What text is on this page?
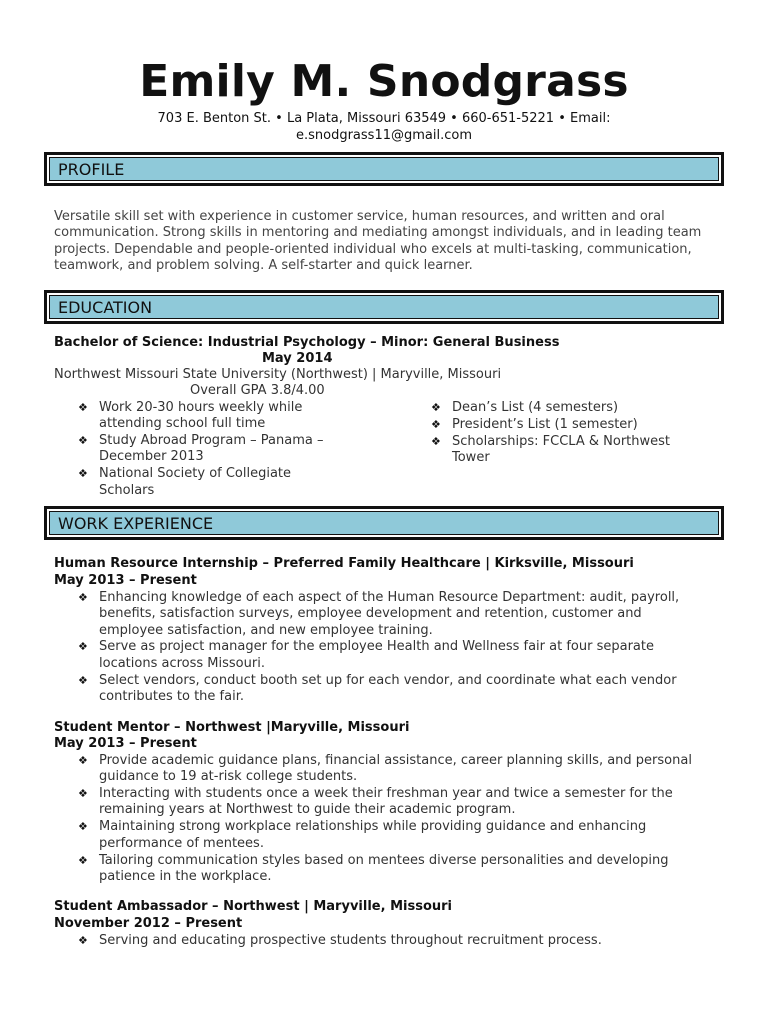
Emily M. Snodgrass
703 E. Benton St. • La Plata, Missouri 63549 • 660-651-5221 • Email:
e.snodgrass11@gmail.com
PROFILE
Versatile skill set with experience in customer service, human resources, and written and oral communication. Strong skills in mentoring and mediating amongst individuals, and in leading team projects. Dependable and people-oriented individual who excels at multi-tasking, communication, teamwork, and problem solving. A self-starter and quick learner.
EDUCATION
Bachelor of Science: Industrial Psychology – Minor: General Business
May 2014
Northwest Missouri State University (Northwest) | Maryville, Missouri
Overall GPA 3.8/4.00
❖ Work 20-30 hours weekly while attending school full time
❖ Study Abroad Program – Panama – December 2013
❖ National Society of Collegiate Scholars
❖ Dean’s List (4 semesters)
❖ President’s List (1 semester)
❖ Scholarships: FCCLA & Northwest Tower
WORK EXPERIENCE
Human Resource Internship – Preferred Family Healthcare | Kirksville, Missouri
May 2013 – Present
❖ Enhancing knowledge of each aspect of the Human Resource Department: audit, payroll, benefits, satisfaction surveys, employee development and retention, customer and employee satisfaction, and new employee training.
❖ Serve as project manager for the employee Health and Wellness fair at four separate locations across Missouri.
❖ Select vendors, conduct booth set up for each vendor, and coordinate what each vendor contributes to the fair.
Student Mentor – Northwest |Maryville, Missouri
May 2013 – Present
❖ Provide academic guidance plans, financial assistance, career planning skills, and personal guidance to 19 at-risk college students.
❖ Interacting with students once a week their freshman year and twice a semester for the remaining years at Northwest to guide their academic program.
❖ Maintaining strong workplace relationships while providing guidance and enhancing performance of mentees.
❖ Tailoring communication styles based on mentees diverse personalities and developing patience in the workplace.
Student Ambassador – Northwest | Maryville, Missouri
November 2012 – Present
❖ Serving and educating prospective students throughout recruitment process.
